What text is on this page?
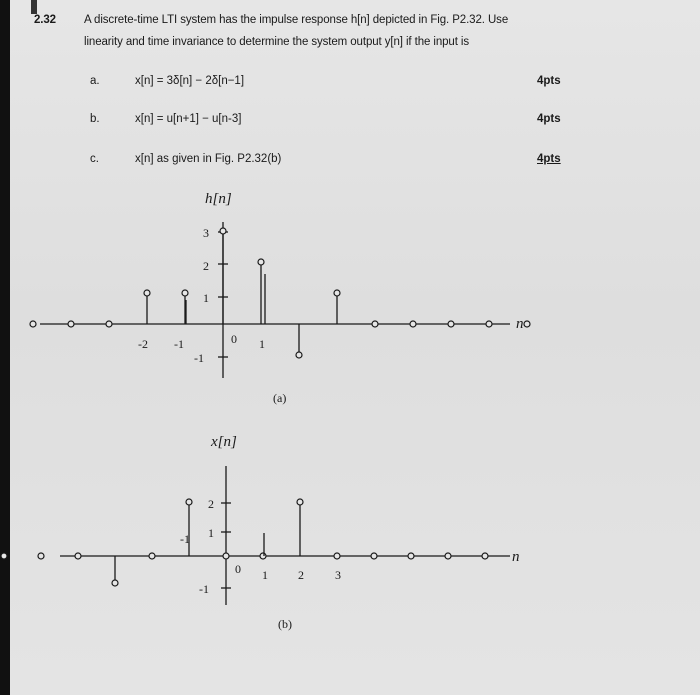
2.32 A discrete-time LTI system has the impulse response h[n] depicted in Fig. P2.32. Use
linearity and time invariance to determine the system output y[n] if the input is
a.	x[n] = 3δ[n] − 2δ[n−1]	4pts
b.	x[n] = u[n+1] − u[n-3]	4pts
c.	x[n] as given in Fig. P2.32(b)	4pts
h[n]
3
2
1
-1
-2 -1	0 1
n
(a)
x[n]
2
1
-1
-1
0 1	2	3
n
(b)
